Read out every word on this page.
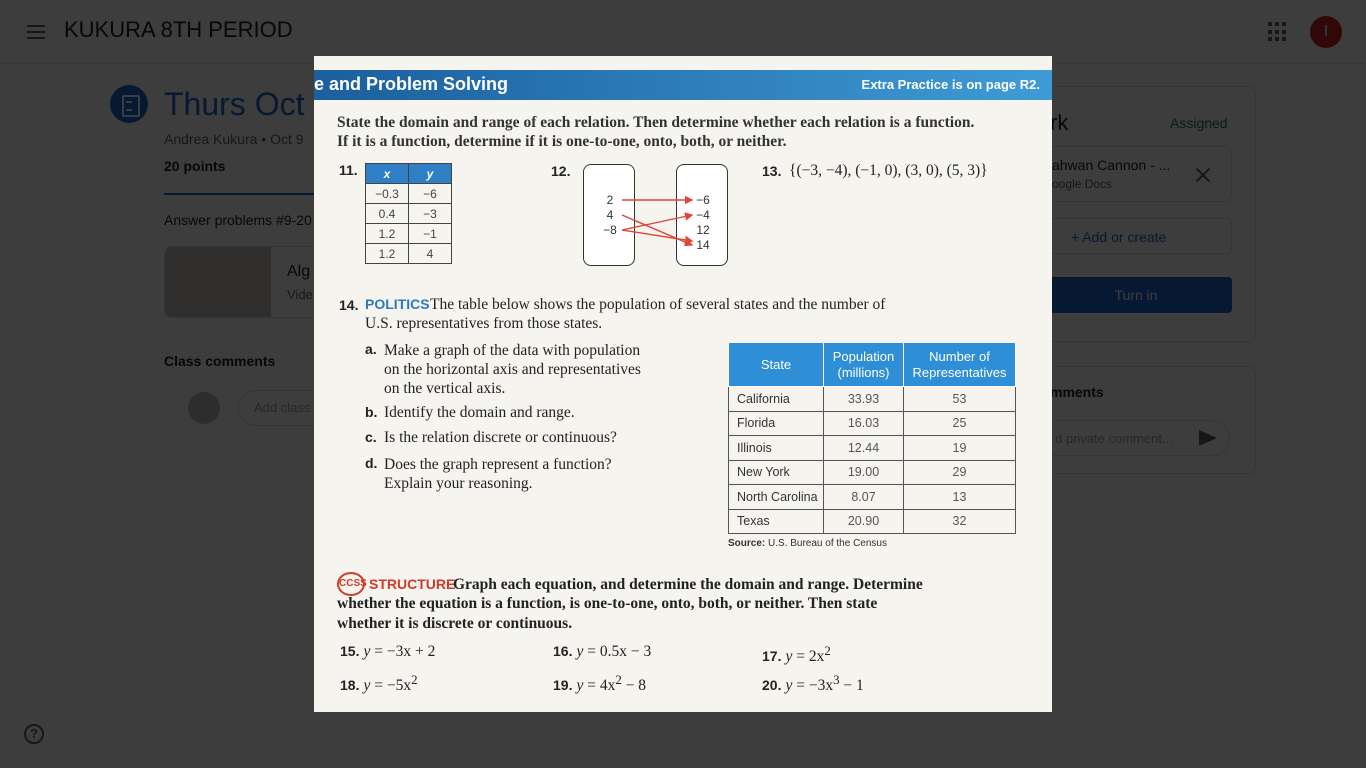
e and Problem Solving	Extra Practice is on page R2.
State the domain and range of each relation. Then determine whether each relation is a function.
If it is a function, determine if it is one-to-one, onto, both, or neither.
11. x	y
−0.3	−6
0.4	−3
1.2	−1
1.2	4
12.
2
4
−8
−6
−4
12
14
13. {(−3, −4), (−1, 0), (3, 0), (5, 3)}
14. POLITICS The table below shows the population of several states and the number of
U.S. representatives from those states.
a. Make a graph of the data with population
on the horizontal axis and representatives
on the vertical axis.
b. Identify the domain and range.
c. Is the relation discrete or continuous?
d. Does the graph represent a function?
Explain your reasoning.
State	Population (millions)	Number of Representatives
California	33.93	53
Florida	16.03	25
Illinois	12.44	19
New York	19.00	29
North Carolina	8.07	13
Texas	20.90	32
Source: U.S. Bureau of the Census
CCSS STRUCTURE
Graph each equation, and determine the domain and range. Determine
whether the equation is a function, is one-to-one, onto, both, or neither. Then state
whether it is discrete or continuous.
15. y = −3x + 2	16. y = 0.5x − 3	17. $y = 2x^2$
18. $y = -5x^2$	19. $y = 4x^2 - 8$	20. $y = -3x^3 - 1$
